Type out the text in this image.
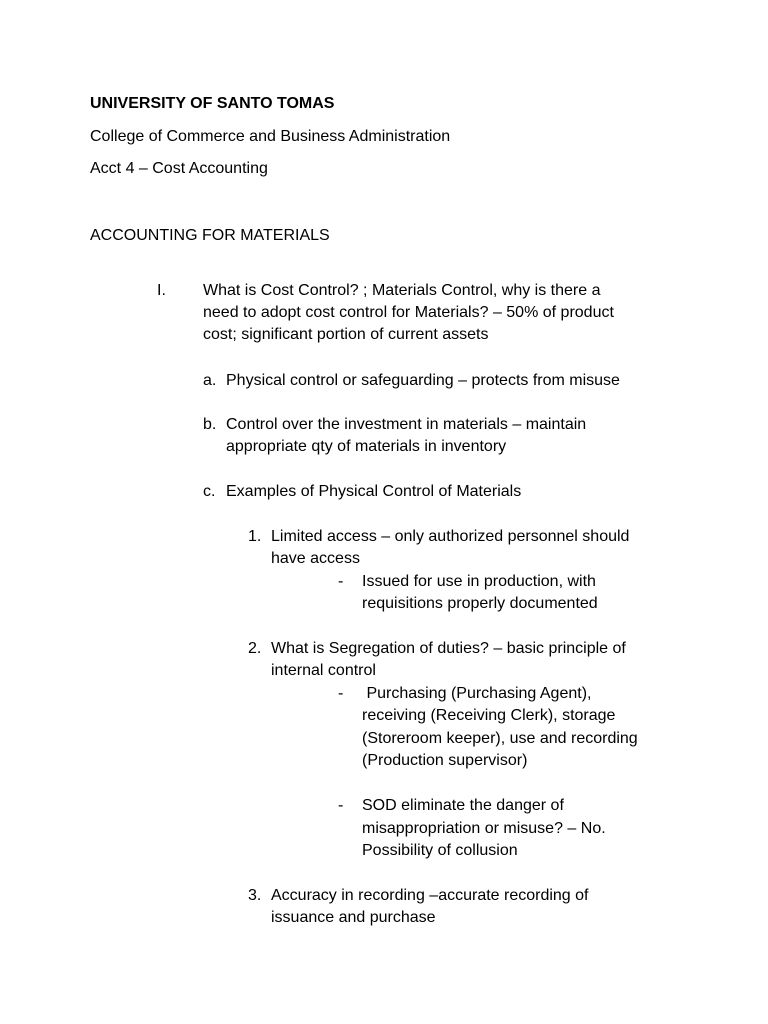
UNIVERSITY OF SANTO TOMAS
College of Commerce and Business Administration
Acct 4 – Cost Accounting
ACCOUNTING FOR MATERIALS
I. What is Cost Control? ; Materials Control, why is there a
need to adopt cost control for Materials? – 50% of product
cost; significant portion of current assets
a. Physical control or safeguarding – protects from misuse
b. Control over the investment in materials – maintain
appropriate qty of materials in inventory
c. Examples of Physical Control of Materials
1. Limited access – only authorized personnel should
have access
- Issued for use in production, with
requisitions properly documented
2. What is Segregation of duties? – basic principle of
internal control
- Purchasing (Purchasing Agent),
receiving (Receiving Clerk), storage
(Storeroom keeper), use and recording
(Production supervisor)
- SOD eliminate the danger of
misappropriation or misuse? – No.
Possibility of collusion
3. Accuracy in recording –accurate recording of
issuance and purchase
